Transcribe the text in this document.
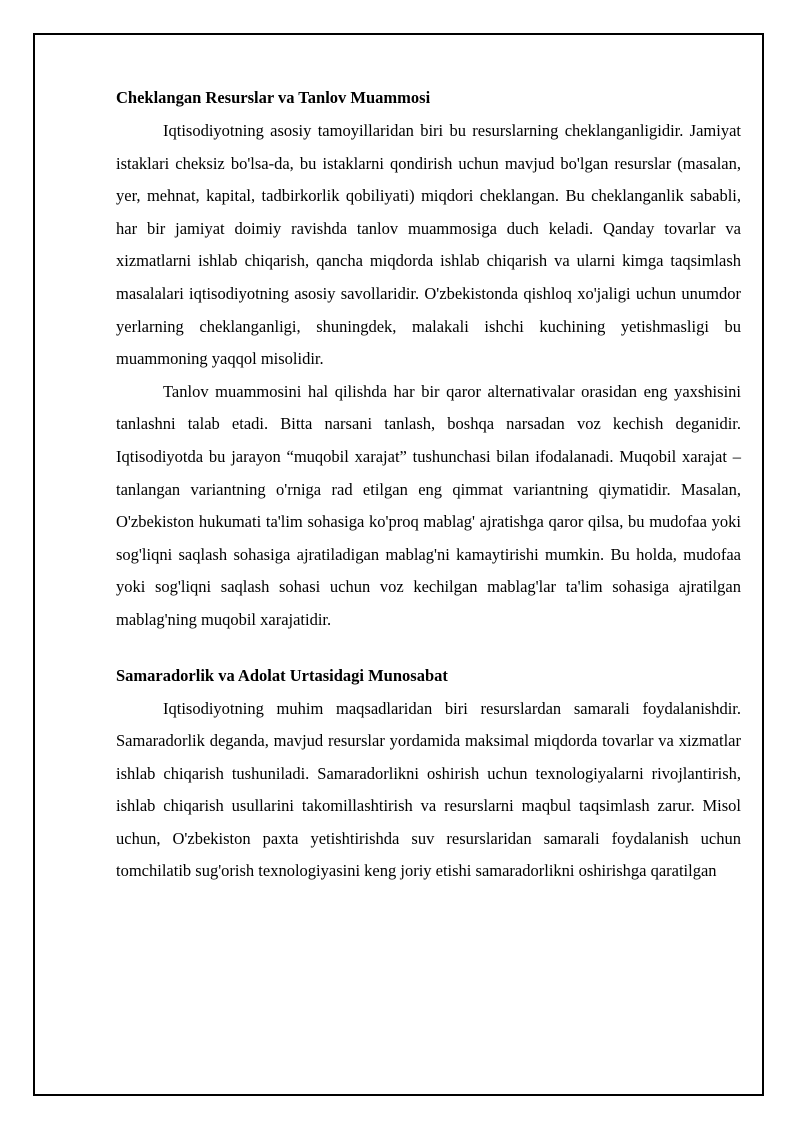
Cheklangan Resurslar va Tanlov Muammosi

Iqtisodiyotning asosiy tamoyillaridan biri bu resurslarning cheklanganligidir. Jamiyat istaklari cheksiz bo'lsa-da, bu istaklarni qondirish uchun mavjud bo'lgan resurslar (masalan, yer, mehnat, kapital, tadbirkorlik qobiliyati) miqdori cheklangan. Bu cheklanganlik sababli, har bir jamiyat doimiy ravishda tanlov muammosiga duch keladi. Qanday tovarlar va xizmatlarni ishlab chiqarish, qancha miqdorda ishlab chiqarish va ularni kimga taqsimlash masalalari iqtisodiyotning asosiy savollaridir. O'zbekistonda qishloq xo'jaligi uchun unumdor yerlarning cheklanganligi, shuningdek, malakali ishchi kuchining yetishmasligi bu muammoning yaqqol misolidir.

Tanlov muammosini hal qilishda har bir qaror alternativalar orasidan eng yaxshisini tanlashni talab etadi. Bitta narsani tanlash, boshqa narsadan voz kechish deganidir. Iqtisodiyotda bu jarayon “muqobil xarajat” tushunchasi bilan ifodalanadi. Muqobil xarajat – tanlangan variantning o'rniga rad etilgan eng qimmat variantning qiymatidir. Masalan, O'zbekiston hukumati ta'lim sohasiga ko'proq mablag' ajratishga qaror qilsa, bu mudofaa yoki sog'liqni saqlash sohasiga ajratiladigan mablag'ni kamaytirishi mumkin. Bu holda, mudofaa yoki sog'liqni saqlash sohasi uchun voz kechilgan mablag'lar ta'lim sohasiga ajratilgan mablag'ning muqobil xarajatidir.

Samaradorlik va Adolat Urtasidagi Munosabat

Iqtisodiyotning muhim maqsadlaridan biri resurslardan samarali foydalanishdir. Samaradorlik deganda, mavjud resurslar yordamida maksimal miqdorda tovarlar va xizmatlar ishlab chiqarish tushuniladi. Samaradorlikni oshirish uchun texnologiyalarni rivojlantirish, ishlab chiqarish usullarini takomillashtirish va resurslarni maqbul taqsimlash zarur. Misol uchun, O'zbekiston paxta yetishtirishda suv resurslaridan samarali foydalanish uchun tomchilatib sug'orish texnologiyasini keng joriy etishi samaradorlikni oshirishga qaratilgan
